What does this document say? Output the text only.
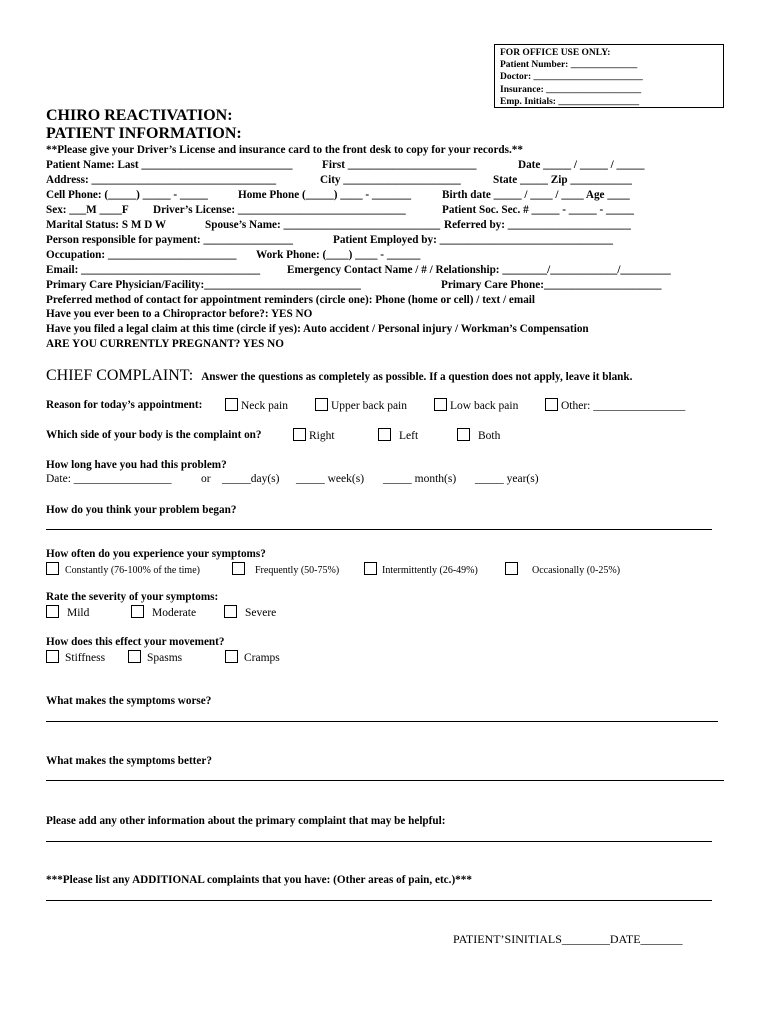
FOR OFFICE USE ONLY:
Patient Number: ______________
Doctor: _______________________
Insurance: ____________________
Emp. Initials: _________________
CHIRO REACTIVATION:
PATIENT INFORMATION:
**Please give your Driver’s License and insurance card to the front desk to copy for your records.**
Patient Name: Last ___________________________	First _______________________	Date _____ / _____ / _____
Address: _________________________________	City _____________________	State _____ Zip ___________
Cell Phone: (_____) _____ - _____	Home Phone (_____) ____ - _______	Birth date _____ / ____ / ____ Age ____
Sex: ___M ____F Driver’s License: ______________________________	Patient Soc. Sec. # _____ - _____ - _____
Marital Status: S M D W	Spouse’s Name: ____________________________ Referred by: ______________________
Person responsible for payment: ________________	Patient Employed by: _______________________________
Occupation: _______________________ Work Phone: (____) ____ - ______
Email: ________________________________ Emergency Contact Name / # / Relationship: ________/____________/_________
Primary Care Physician/Facility:____________________________	Primary Care Phone:_____________________
Preferred method of contact for appointment reminders (circle one): Phone (home or cell) / text / email
Have you ever been to a Chiropractor before?: YES NO
Have you filed a legal claim at this time (circle if yes): Auto accident / Personal injury / Workman’s Compensation
ARE YOU CURRENTLY PREGNANT? YES NO
CHIEF COMPLAINT: Answer the questions as completely as possible. If a question does not apply, leave it blank.
Reason for today’s appointment:	Neck pain	Upper back pain	Low back pain	Other: ________________
Which side of your body is the complaint on?	Right	Left	Both
How long have you had this problem?
Date: _________________	or _____day(s) _____ week(s) _____ month(s) _____ year(s)
How do you think your problem began?
How often do you experience your symptoms?
Constantly (76-100% of the time)	Frequently (50-75%)	Intermittently (26-49%)	Occasionally (0-25%)
Rate the severity of your symptoms:
Mild	Moderate	Severe
How does this effect your movement?
Stiffness	Spasms	Cramps
What makes the symptoms worse?
What makes the symptoms better?
Please add any other information about the primary complaint that may be helpful:
***Please list any ADDITIONAL complaints that you have: (Other areas of pain, etc.)***
PATIENT’SINITIALS________DATE_______
